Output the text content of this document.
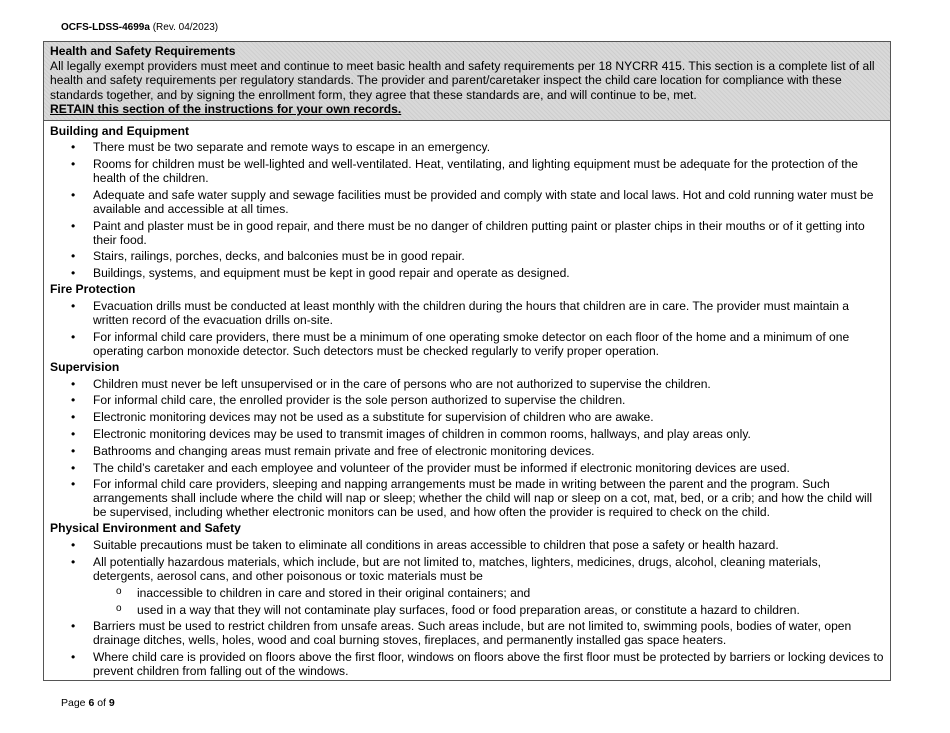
OCFS-LDSS-4699a (Rev. 04/2023)
Health and Safety Requirements
All legally exempt providers must meet and continue to meet basic health and safety requirements per 18 NYCRR 415. This section is a complete list of all health and safety requirements per regulatory standards. The provider and parent/caretaker inspect the child care location for compliance with these standards together, and by signing the enrollment form, they agree that these standards are, and will continue to be, met.
RETAIN this section of the instructions for your own records.
Building and Equipment
• There must be two separate and remote ways to escape in an emergency.
• Rooms for children must be well-lighted and well-ventilated. Heat, ventilating, and lighting equipment must be adequate for the protection of the health of the children.
• Adequate and safe water supply and sewage facilities must be provided and comply with state and local laws. Hot and cold running water must be available and accessible at all times.
• Paint and plaster must be in good repair, and there must be no danger of children putting paint or plaster chips in their mouths or of it getting into their food.
• Stairs, railings, porches, decks, and balconies must be in good repair.
• Buildings, systems, and equipment must be kept in good repair and operate as designed.
Fire Protection
• Evacuation drills must be conducted at least monthly with the children during the hours that children are in care. The provider must maintain a written record of the evacuation drills on-site.
• For informal child care providers, there must be a minimum of one operating smoke detector on each floor of the home and a minimum of one operating carbon monoxide detector. Such detectors must be checked regularly to verify proper operation.
Supervision
• Children must never be left unsupervised or in the care of persons who are not authorized to supervise the children.
• For informal child care, the enrolled provider is the sole person authorized to supervise the children.
• Electronic monitoring devices may not be used as a substitute for supervision of children who are awake.
• Electronic monitoring devices may be used to transmit images of children in common rooms, hallways, and play areas only.
• Bathrooms and changing areas must remain private and free of electronic monitoring devices.
• The child’s caretaker and each employee and volunteer of the provider must be informed if electronic monitoring devices are used.
• For informal child care providers, sleeping and napping arrangements must be made in writing between the parent and the program. Such arrangements shall include where the child will nap or sleep; whether the child will nap or sleep on a cot, mat, bed, or a crib; and how the child will be supervised, including whether electronic monitors can be used, and how often the provider is required to check on the child.
Physical Environment and Safety
• Suitable precautions must be taken to eliminate all conditions in areas accessible to children that pose a safety or health hazard.
• All potentially hazardous materials, which include, but are not limited to, matches, lighters, medicines, drugs, alcohol, cleaning materials, detergents, aerosol cans, and other poisonous or toxic materials must be
o inaccessible to children in care and stored in their original containers; and
o used in a way that they will not contaminate play surfaces, food or food preparation areas, or constitute a hazard to children.
• Barriers must be used to restrict children from unsafe areas. Such areas include, but are not limited to, swimming pools, bodies of water, open drainage ditches, wells, holes, wood and coal burning stoves, fireplaces, and permanently installed gas space heaters.
• Where child care is provided on floors above the first floor, windows on floors above the first floor must be protected by barriers or locking devices to prevent children from falling out of the windows.
Page 6 of 9
